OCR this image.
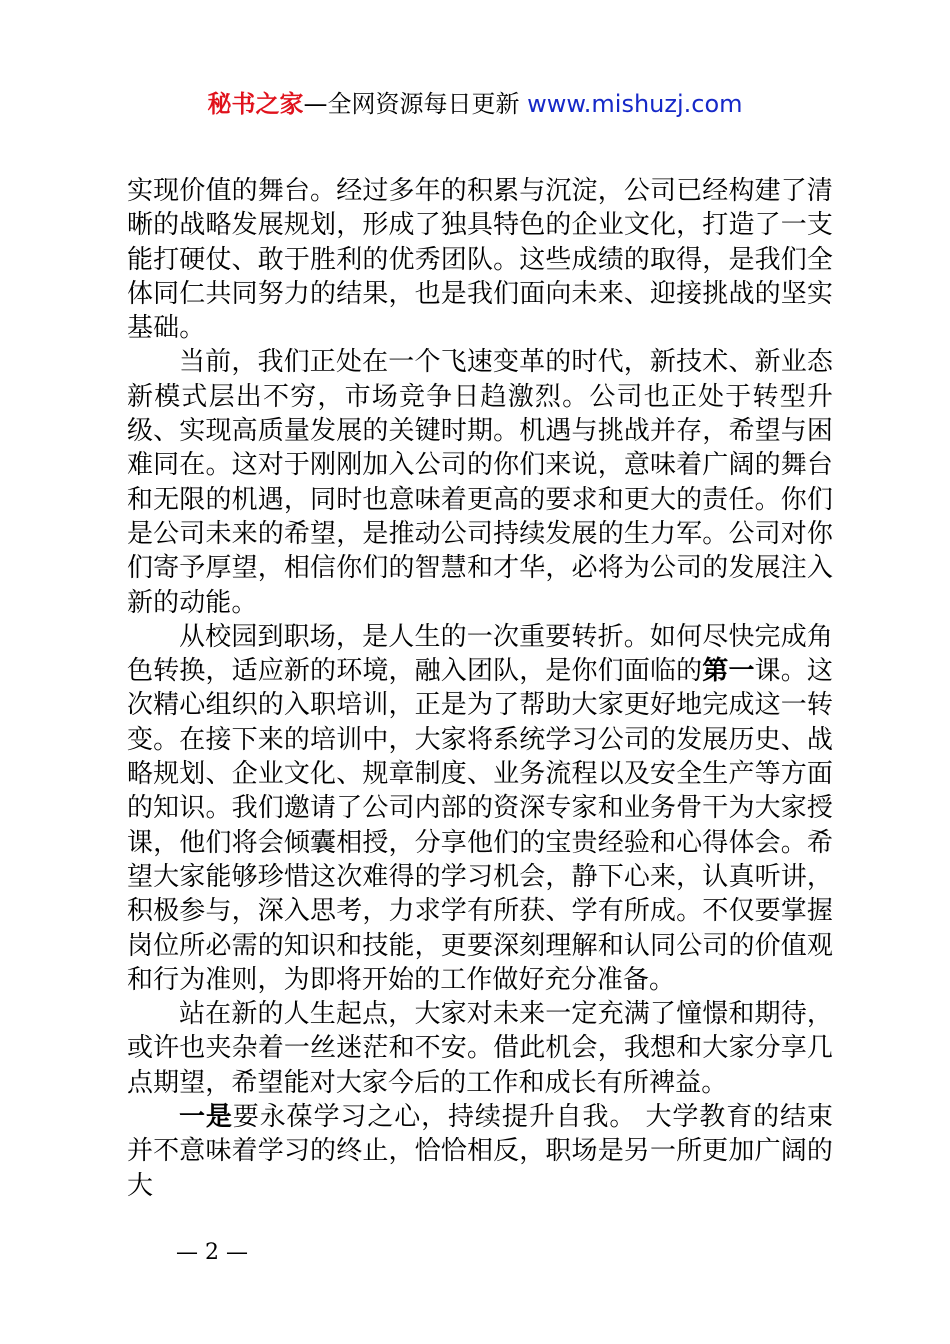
秘书之家—全网资源每日更新 www.mishuzj.com

实现价值的舞台。经过多年的积累与沉淀，公司已经构建了清晰的战略发展规划，形成了独具特色的企业文化，打造了一支能打硬仗、敢于胜利的优秀团队。这些成绩的取得，是我们全体同仁共同努力的结果，也是我们面向未来、迎接挑战的坚实基础。

当前，我们正处在一个飞速变革的时代，新技术、新业态新模式层出不穷，市场竞争日趋激烈。公司也正处于转型升级、实现高质量发展的关键时期。机遇与挑战并存，希望与困难同在。这对于刚刚加入公司的你们来说，意味着广阔的舞台和无限的机遇，同时也意味着更高的要求和更大的责任。你们是公司未来的希望，是推动公司持续发展的生力军。公司对你们寄予厚望，相信你们的智慧和才华，必将为公司的发展注入新的动能。

从校园到职场，是人生的一次重要转折。如何尽快完成角色转换，适应新的环境，融入团队，是你们面临的第一课。这次精心组织的入职培训，正是为了帮助大家更好地完成这一转变。在接下来的培训中，大家将系统学习公司的发展历史、战略规划、企业文化、规章制度、业务流程以及安全生产等方面的知识。我们邀请了公司内部的资深专家和业务骨干为大家授课，他们将会倾囊相授，分享他们的宝贵经验和心得体会。希望大家能够珍惜这次难得的学习机会，静下心来，认真听讲，积极参与，深入思考，力求学有所获、学有所成。不仅要掌握岗位所必需的知识和技能，更要深刻理解和认同公司的价值观和行为准则，为即将开始的工作做好充分准备。

站在新的人生起点，大家对未来一定充满了憧憬和期待，或许也夹杂着一丝迷茫和不安。借此机会，我想和大家分享几点期望，希望能对大家今后的工作和成长有所裨益。

一是要永葆学习之心，持续提升自我。 大学教育的结束并不意味着学习的终止，恰恰相反，职场是另一所更加广阔的大

— 2 —
